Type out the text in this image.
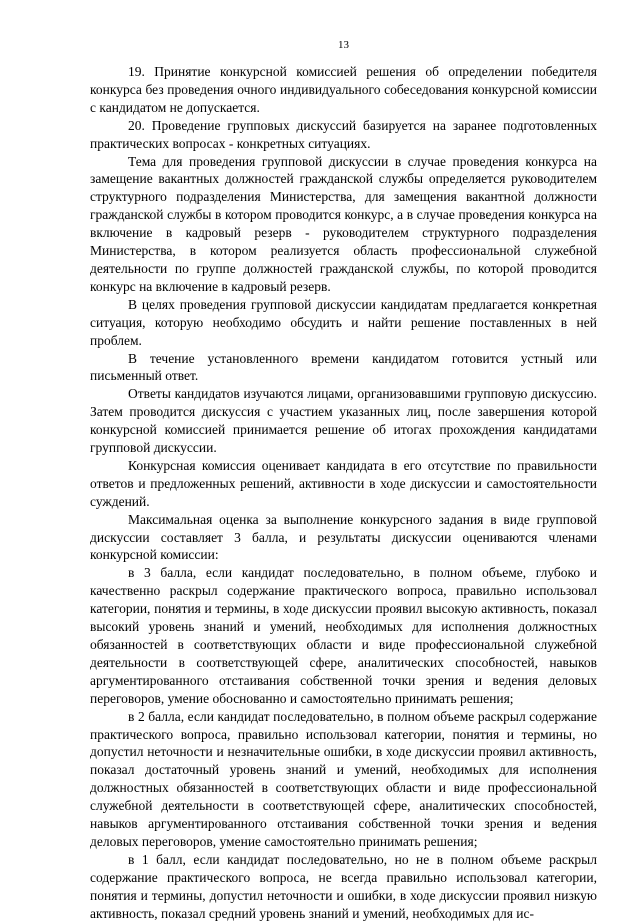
13

19. Принятие конкурсной комиссией решения об определении победителя конкурса без проведения очного индивидуального собеседования конкурсной комиссии с кандидатом не допускается.

20. Проведение групповых дискуссий базируется на заранее подготовленных практических вопросах - конкретных ситуациях.

Тема для проведения групповой дискуссии в случае проведения конкурса на замещение вакантных должностей гражданской службы определяется руководителем структурного подразделения Министерства, для замещения вакантной должности гражданской службы в котором проводится конкурс, а в случае проведения конкурса на включение в кадровый резерв - руководителем структурного подразделения Министерства, в котором реализуется область профессиональной служебной деятельности по группе должностей гражданской службы, по которой проводится конкурс на включение в кадровый резерв.

В целях проведения групповой дискуссии кандидатам предлагается конкретная ситуация, которую необходимо обсудить и найти решение поставленных в ней проблем.

В течение установленного времени кандидатом готовится устный или письменный ответ.

Ответы кандидатов изучаются лицами, организовавшими групповую дискуссию. Затем проводится дискуссия с участием указанных лиц, после завершения которой конкурсной комиссией принимается решение об итогах прохождения кандидатами групповой дискуссии.

Конкурсная комиссия оценивает кандидата в его отсутствие по правильности ответов и предложенных решений, активности в ходе дискуссии и самостоятельности суждений.

Максимальная оценка за выполнение конкурсного задания в виде групповой дискуссии составляет 3 балла, и результаты дискуссии оцениваются членами конкурсной комиссии:

в 3 балла, если кандидат последовательно, в полном объеме, глубоко и качественно раскрыл содержание практического вопроса, правильно использовал категории, понятия и термины, в ходе дискуссии проявил высокую активность, показал высокий уровень знаний и умений, необходимых для исполнения должностных обязанностей в соответствующих области и виде профессиональной служебной деятельности в соответствующей сфере, аналитических способностей, навыков аргументированного отстаивания собственной точки зрения и ведения деловых переговоров, умение обоснованно и самостоятельно принимать решения;

в 2 балла, если кандидат последовательно, в полном объеме раскрыл содержание практического вопроса, правильно использовал категории, понятия и термины, но допустил неточности и незначительные ошибки, в ходе дискуссии проявил активность, показал достаточный уровень знаний и умений, необходимых для исполнения должностных обязанностей в соответствующих области и виде профессиональной служебной деятельности в соответствующей сфере, аналитических способностей, навыков аргументированного отстаивания собственной точки зрения и ведения деловых переговоров, умение самостоятельно принимать решения;

в 1 балл, если кандидат последовательно, но не в полном объеме раскрыл содержание практического вопроса, не всегда правильно использовал категории, понятия и термины, допустил неточности и ошибки, в ходе дискуссии проявил низкую активность, показал средний уровень знаний и умений, необходимых для ис-
